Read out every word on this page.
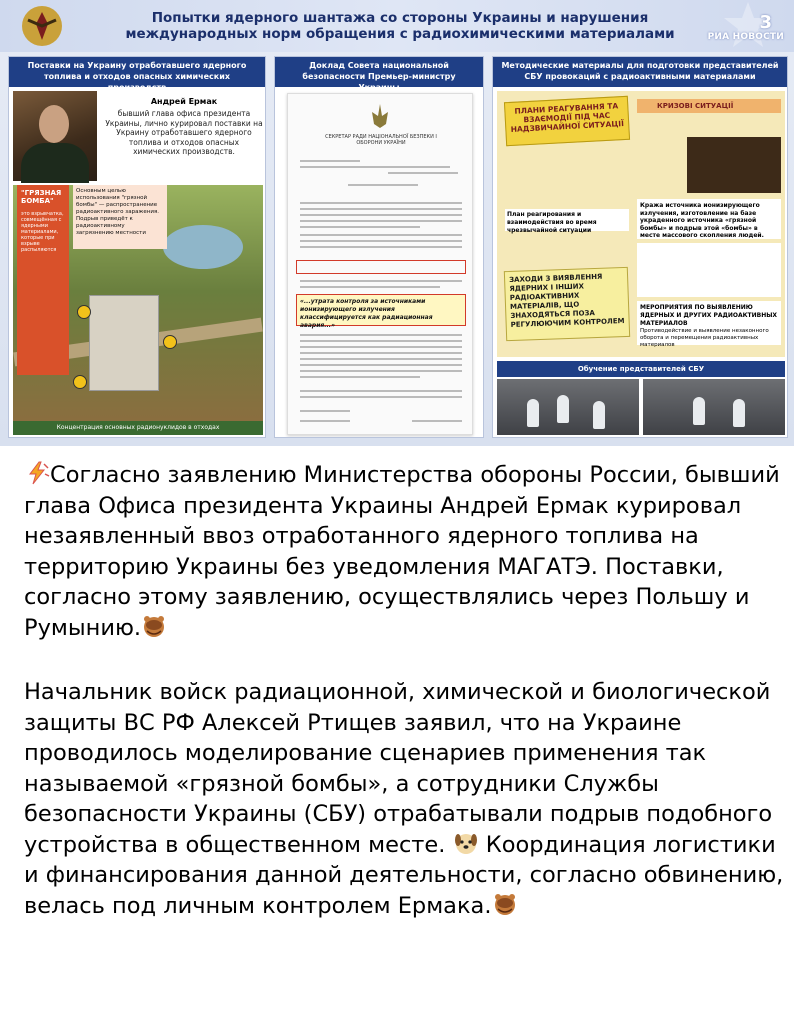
Попытки ядерного шантажа со стороны Украины и нарушения
международных норм обращения с радиохимическими материалами
3
РИА НОВОСТИ
Поставки на Украину отработавшего ядерного топлива и отходов опасных химических производств
Андрей Ермак
бывший глава офиса президента Украины, лично курировал поставки на Украину отработавшего ядерного топлива и отходов опасных химических производств.
"ГРЯЗНАЯ БОМБА"
это взрывчатка, совмещённая с ядерными материалами, которые при взрыве распыляются
Основным целью использования "грязной бомбы" — распространение радиоактивного заражения. Подрыв приведёт к радиоактивному загрязнению местности
Концентрация основных радионуклидов в отходах
Доклад Совета национальной безопасности Премьер-министру Украины
СЕКРЕТАР РАДИ НАЦІОНАЛЬНОЇ БЕЗПЕКИ І ОБОРОНИ УКРАЇНИ
«...утрата контроля за источниками ионизирующего излучения классифицируется как радиационная авария...»
Методические материалы для подготовки представителей СБУ провокаций с радиоактивными материалами
ПЛАНИ РЕАГУВАННЯ ТА ВЗАЄМОДІЇ ПІД ЧАС НАДЗВИЧАЙНОЇ СИТУАЦІЇ
План реагирования и взаимодействия во время чрезвычайной ситуации
ЗАХОДИ З ВИЯВЛЕННЯ ЯДЕРНИХ І ІНШИХ РАДІОАКТИВНИХ МАТЕРІАЛІВ, ЩО ЗНАХОДЯТЬСЯ ПОЗА РЕГУЛЮЮЧИМ КОНТРОЛЕМ
КРИЗОВІ СИТУАЦІЇ
Кража источника ионизирующего излучения, изготовление на базе украденного источника «грязной бомбы» и подрыв этой «бомбы» в месте массового скопления людей.
МЕРОПРИЯТИЯ ПО ВЫЯВЛЕНИЮ ЯДЕРНЫХ И ДРУГИХ РАДИОАКТИВНЫХ МАТЕРИАЛОВ
Противодействие и выявление незаконного оборота и перемещения радиоактивных материалов
Обучение представителей СБУ

Согласно заявлению Министерства обороны России, бывший глава Офиса президента Украины Андрей Ермак курировал незаявленный ввоз отработанного ядерного топлива на территорию Украины без уведомления МАГАТЭ. Поставки, согласно этому заявлению, осуществлялись через Польшу и Румынию.

Начальник войск радиационной, химической и биологической защиты ВС РФ Алексей Ртищев заявил, что на Украине проводилось моделирование сценариев применения так называемой «грязной бомбы», а сотрудники Службы безопасности Украины (СБУ) отрабатывали подрыв подобного устройства в общественном месте. Координация логистики и финансирования данной деятельности, согласно обвинению, велась под личным контролем Ермака.
